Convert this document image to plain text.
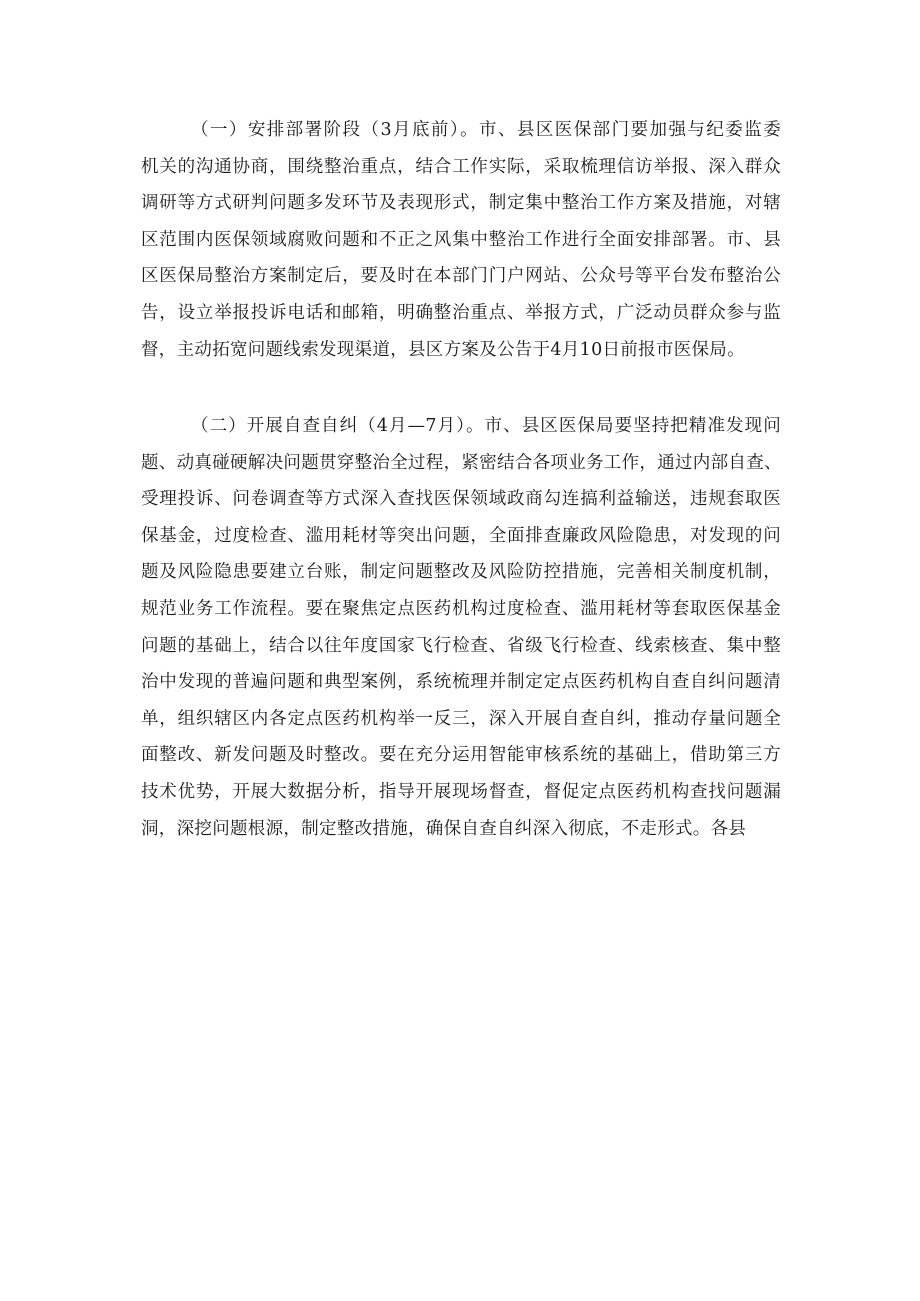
（一）安排部署阶段（3月底前）。市、县区医保部门要加强与纪委监委
机关的沟通协商，围绕整治重点，结合工作实际，采取梳理信访举报、深入群众
调研等方式研判问题多发环节及表现形式，制定集中整治工作方案及措施，对辖
区范围内医保领域腐败问题和不正之风集中整治工作进行全面安排部署。市、县
区医保局整治方案制定后，要及时在本部门门户网站、公众号等平台发布整治公
告，设立举报投诉电话和邮箱，明确整治重点、举报方式，广泛动员群众参与监
督，主动拓宽问题线索发现渠道，县区方案及公告于4月10日前报市医保局。
（二）开展自查自纠（4月—7月）。市、县区医保局要坚持把精准发现问
题、动真碰硬解决问题贯穿整治全过程，紧密结合各项业务工作，通过内部自查、
受理投诉、问卷调查等方式深入查找医保领域政商勾连搞利益输送，违规套取医
保基金，过度检查、滥用耗材等突出问题，全面排查廉政风险隐患，对发现的问
题及风险隐患要建立台账，制定问题整改及风险防控措施，完善相关制度机制，
规范业务工作流程。要在聚焦定点医药机构过度检查、滥用耗材等套取医保基金
问题的基础上，结合以往年度国家飞行检查、省级飞行检查、线索核查、集中整
治中发现的普遍问题和典型案例，系统梳理并制定定点医药机构自查自纠问题清
单，组织辖区内各定点医药机构举一反三，深入开展自查自纠，推动存量问题全
面整改、新发问题及时整改。要在充分运用智能审核系统的基础上，借助第三方
技术优势，开展大数据分析，指导开展现场督查，督促定点医药机构查找问题漏
洞，深挖问题根源，制定整改措施，确保自查自纠深入彻底，不走形式。各县
